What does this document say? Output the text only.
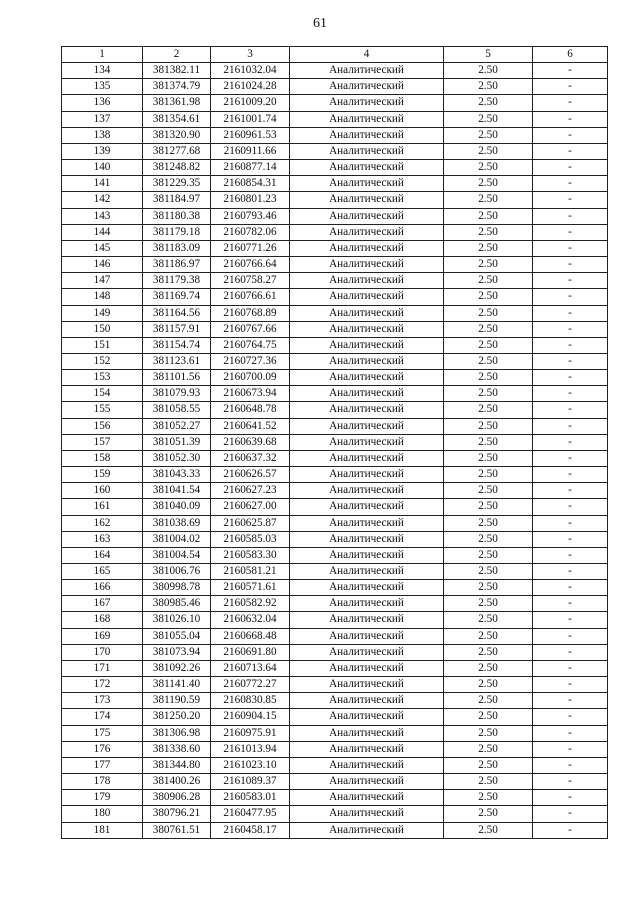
61
1	2	3	4	5	6
134	381382.11	2161032.04	Аналитический	2.50	-
135	381374.79	2161024.28	Аналитический	2.50	-
136	381361.98	2161009.20	Аналитический	2.50	-
137	381354.61	2161001.74	Аналитический	2.50	-
138	381320.90	2160961.53	Аналитический	2.50	-
139	381277.68	2160911.66	Аналитический	2.50	-
140	381248.82	2160877.14	Аналитический	2.50	-
141	381229.35	2160854.31	Аналитический	2.50	-
142	381184.97	2160801.23	Аналитический	2.50	-
143	381180.38	2160793.46	Аналитический	2.50	-
144	381179.18	2160782.06	Аналитический	2.50	-
145	381183.09	2160771.26	Аналитический	2.50	-
146	381186.97	2160766.64	Аналитический	2.50	-
147	381179.38	2160758.27	Аналитический	2.50	-
148	381169.74	2160766.61	Аналитический	2.50	-
149	381164.56	2160768.89	Аналитический	2.50	-
150	381157.91	2160767.66	Аналитический	2.50	-
151	381154.74	2160764.75	Аналитический	2.50	-
152	381123.61	2160727.36	Аналитический	2.50	-
153	381101.56	2160700.09	Аналитический	2.50	-
154	381079.93	2160673.94	Аналитический	2.50	-
155	381058.55	2160648.78	Аналитический	2.50	-
156	381052.27	2160641.52	Аналитический	2.50	-
157	381051.39	2160639.68	Аналитический	2.50	-
158	381052.30	2160637.32	Аналитический	2.50	-
159	381043.33	2160626.57	Аналитический	2.50	-
160	381041.54	2160627.23	Аналитический	2.50	-
161	381040.09	2160627.00	Аналитический	2.50	-
162	381038.69	2160625.87	Аналитический	2.50	-
163	381004.02	2160585.03	Аналитический	2.50	-
164	381004.54	2160583.30	Аналитический	2.50	-
165	381006.76	2160581.21	Аналитический	2.50	-
166	380998.78	2160571.61	Аналитический	2.50	-
167	380985.46	2160582.92	Аналитический	2.50	-
168	381026.10	2160632.04	Аналитический	2.50	-
169	381055.04	2160668.48	Аналитический	2.50	-
170	381073.94	2160691.80	Аналитический	2.50	-
171	381092.26	2160713.64	Аналитический	2.50	-
172	381141.40	2160772.27	Аналитический	2.50	-
173	381190.59	2160830.85	Аналитический	2.50	-
174	381250.20	2160904.15	Аналитический	2.50	-
175	381306.98	2160975.91	Аналитический	2.50	-
176	381338.60	2161013.94	Аналитический	2.50	-
177	381344.80	2161023.10	Аналитический	2.50	-
178	381400.26	2161089.37	Аналитический	2.50	-
179	380906.28	2160583.01	Аналитический	2.50	-
180	380796.21	2160477.95	Аналитический	2.50	-
181	380761.51	2160458.17	Аналитический	2.50	-
